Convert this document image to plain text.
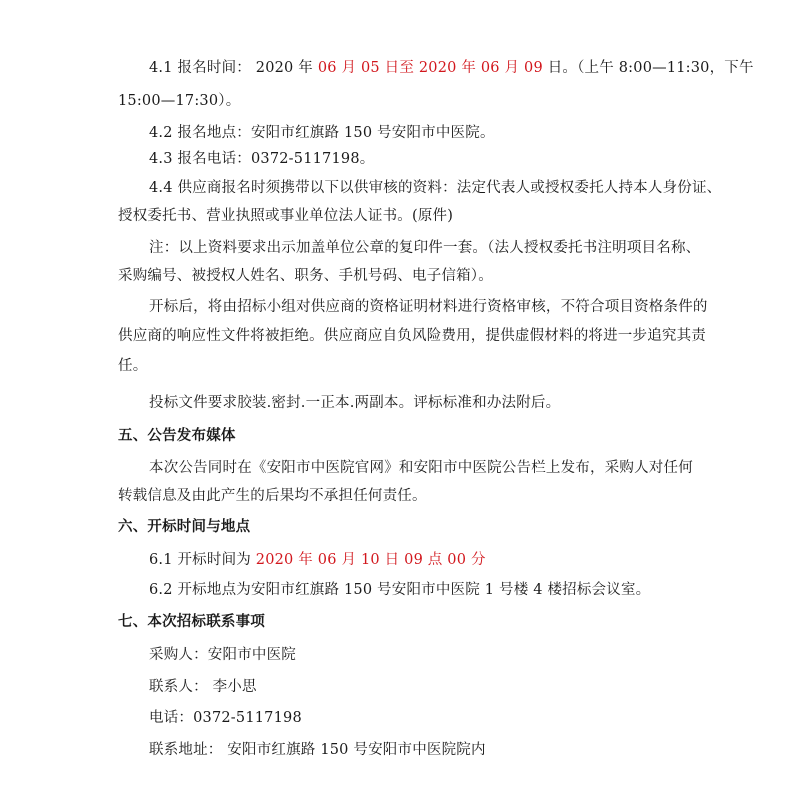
4.1 报名时间： 2020 年 06 月 05 日至 2020 年 06 月 09 日。（上午 8:00—11:30，下午
15:00—17:30）。
4.2 报名地点：安阳市红旗路 150 号安阳市中医院。
4.3 报名电话：0372-5117198。
4.4 供应商报名时须携带以下以供审核的资料：法定代表人或授权委托人持本人身份证、
授权委托书、营业执照或事业单位法人证书。(原件)
注：以上资料要求出示加盖单位公章的复印件一套。（法人授权委托书注明项目名称、
采购编号、被授权人姓名、职务、手机号码、电子信箱）。
开标后，将由招标小组对供应商的资格证明材料进行资格审核，不符合项目资格条件的
供应商的响应性文件将被拒绝。供应商应自负风险费用，提供虚假材料的将进一步追究其责
任。
投标文件要求胶装.密封.一正本.两副本。评标标准和办法附后。
五、公告发布媒体
本次公告同时在《安阳市中医院官网》和安阳市中医院公告栏上发布，采购人对任何
转载信息及由此产生的后果均不承担任何责任。
六、开标时间与地点
6.1 开标时间为 2020 年 06 月 10 日 09 点 00 分
6.2 开标地点为安阳市红旗路 150 号安阳市中医院 1 号楼 4 楼招标会议室。
七、本次招标联系事项
采购人：安阳市中医院
联系人： 李小思
电话：0372-5117198
联系地址： 安阳市红旗路 150 号安阳市中医院院内
